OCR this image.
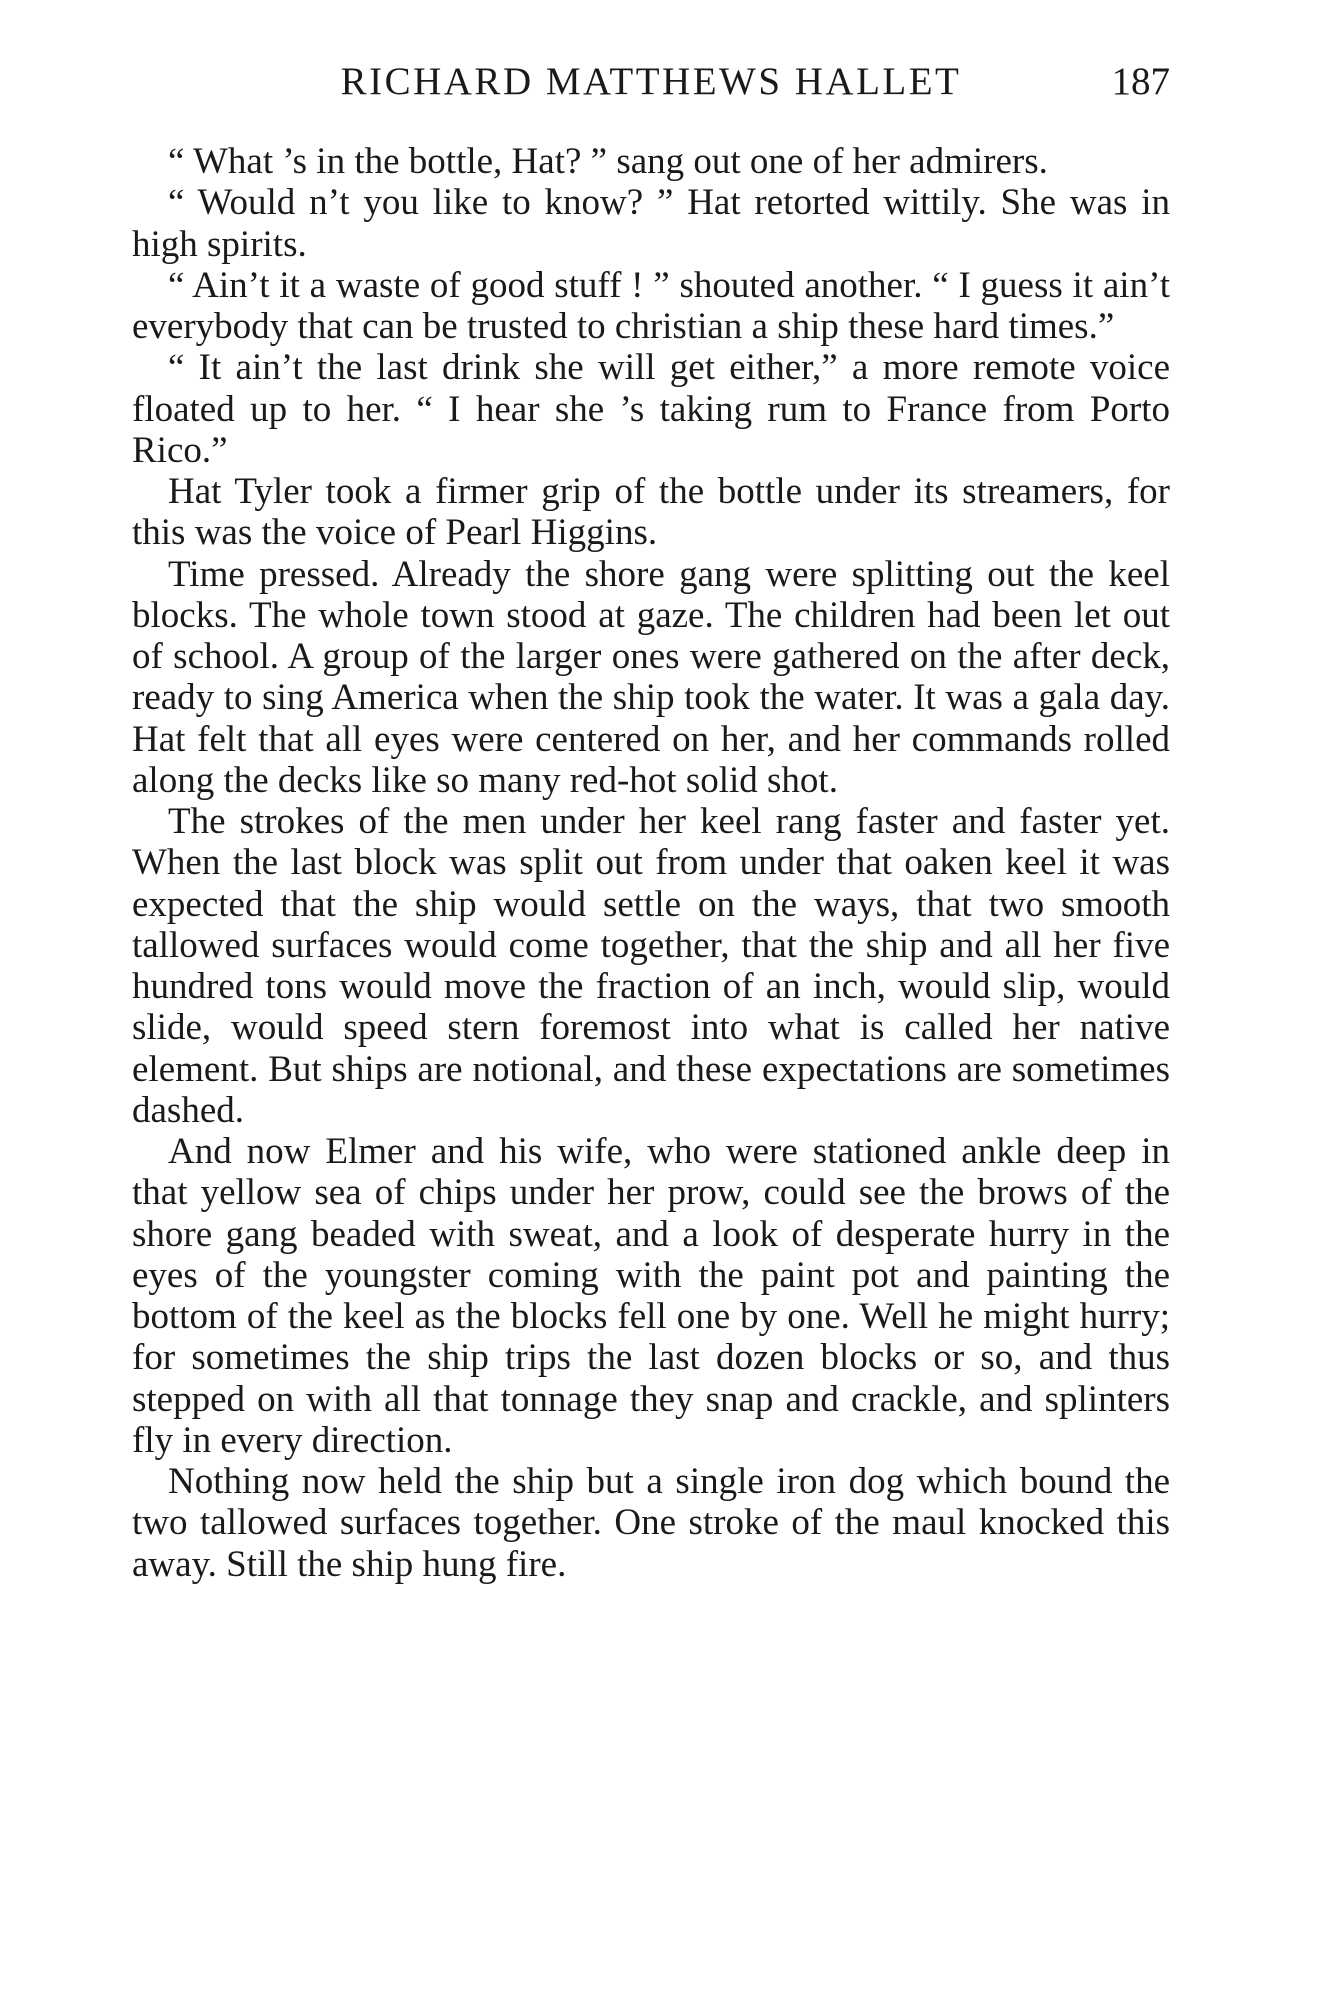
RICHARD MATTHEWS HALLET	187

“ What ’s in the bottle, Hat? ” sang out one of her admirers.

“ Would n’t you like to know? ” Hat retorted wittily. She was in high spirits.

“ Ain’t it a waste of good stuff ! ” shouted another. “ I guess it ain’t everybody that can be trusted to christian a ship these hard times.”

“ It ain’t the last drink she will get either,” a more remote voice floated up to her. “ I hear she ’s taking rum to France from Porto Rico.”

Hat Tyler took a firmer grip of the bottle under its streamers, for this was the voice of Pearl Higgins.

Time pressed. Already the shore gang were splitting out the keel blocks. The whole town stood at gaze. The children had been let out of school. A group of the larger ones were gathered on the after deck, ready to sing America when the ship took the water. It was a gala day. Hat felt that all eyes were centered on her, and her commands rolled along the decks like so many red-hot solid shot.

The strokes of the men under her keel rang faster and faster yet. When the last block was split out from under that oaken keel it was expected that the ship would settle on the ways, that two smooth tallowed surfaces would come together, that the ship and all her five hundred tons would move the fraction of an inch, would slip, would slide, would speed stern foremost into what is called her native element. But ships are notional, and these expectations are sometimes dashed.

And now Elmer and his wife, who were stationed ankle deep in that yellow sea of chips under her prow, could see the brows of the shore gang beaded with sweat, and a look of desperate hurry in the eyes of the youngster coming with the paint pot and painting the bottom of the keel as the blocks fell one by one. Well he might hurry; for sometimes the ship trips the last dozen blocks or so, and thus stepped on with all that tonnage they snap and crackle, and splinters fly in every direction.

Nothing now held the ship but a single iron dog which bound the two tallowed surfaces together. One stroke of the maul knocked this away. Still the ship hung fire.
